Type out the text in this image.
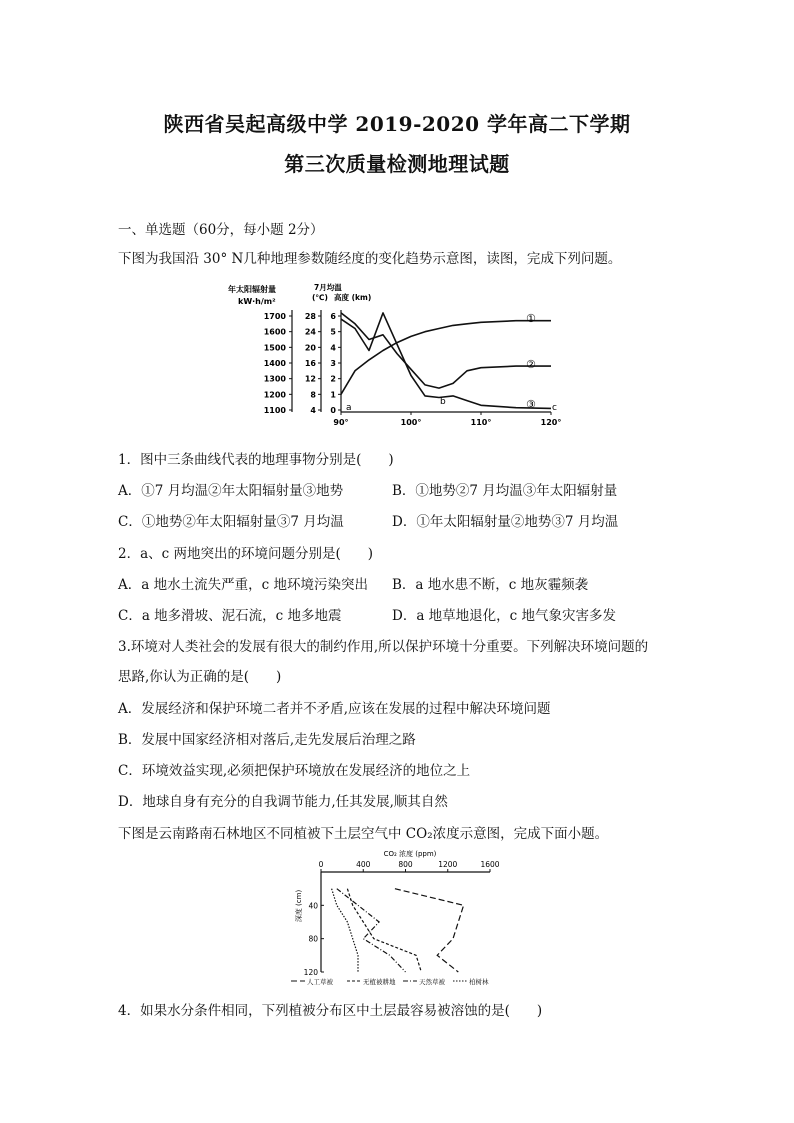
陕西省吴起高级中学 2019-2020 学年高二下学期
第三次质量检测地理试题
一、单选题（60分，每小题 2分）
下图为我国沿 30° N几种地理参数随经度的变化趋势示意图，读图，完成下列问题。
年太阳辐射量
kW·h/m²
7月均温
(℃) 高度 (km)
1700
1600
1500
1400
1300
1200
1100
28
24
20
16
12
8
4
6
5
4
3
2
1
0
90°	100°	110°	120°
①
②
③
a
b
c
1．图中三条曲线代表的地理事物分别是(　　)
A．①7 月均温②年太阳辐射量③地势	B．①地势②7 月均温③年太阳辐射量
C．①地势②年太阳辐射量③7 月均温	D．①年太阳辐射量②地势③7 月均温
2．a、c 两地突出的环境问题分别是(　　)
A．a 地水土流失严重，c 地环境污染突出 B．a 地水患不断，c 地灰霾频袭
C．a 地多滑坡、泥石流，c 地多地震	D．a 地草地退化，c 地气象灾害多发
3.环境对人类社会的发展有很大的制约作用,所以保护环境十分重要。下列解决环境问题的
思路,你认为正确的是(　　)
A．发展经济和保护环境二者并不矛盾,应该在发展的过程中解决环境问题
B．发展中国家经济相对落后,走先发展后治理之路
C．环境效益实现,必须把保护环境放在发展经济的地位之上
D．地球自身有充分的自我调节能力,任其发展,顺其自然
下图是云南路南石林地区不同植被下土层空气中 CO₂浓度示意图，完成下面小题。
CO₂ 浓度 (ppm)
0	400	800	1200	1600
深度 (cm) 40
80
120
人工草被	无植被耕地	天然草被	柏树林
4．如果水分条件相同，下列植被分布区中土层最容易被溶蚀的是(　　)
